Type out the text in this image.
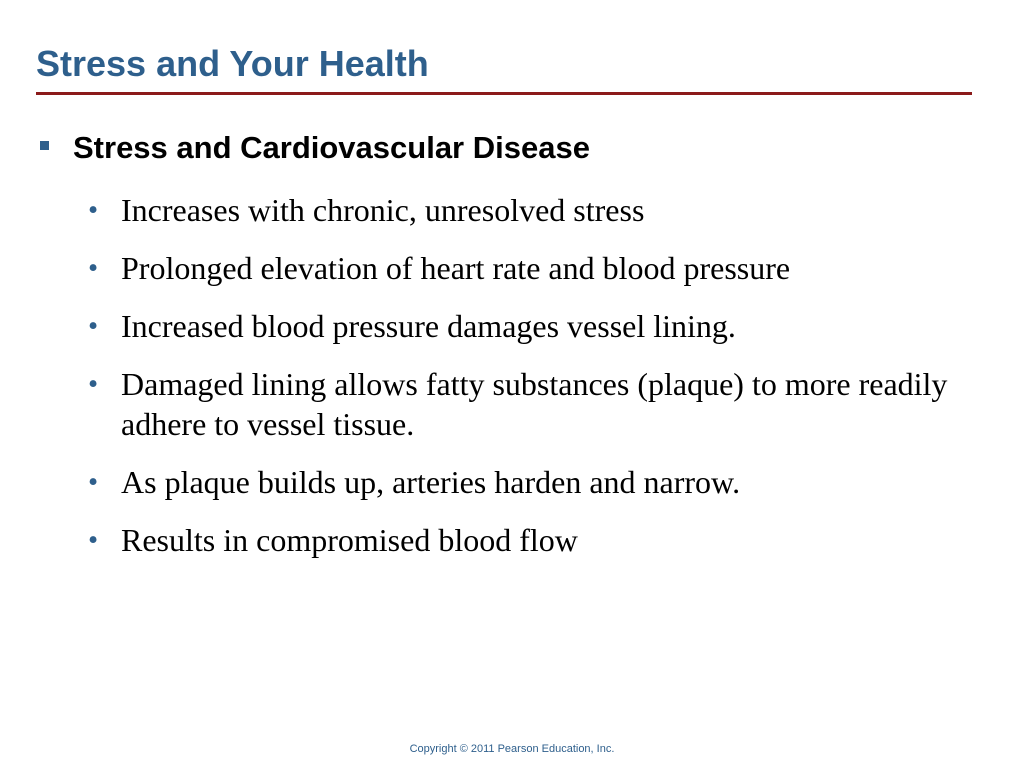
Stress and Your Health
Stress and Cardiovascular Disease
• Increases with chronic, unresolved stress
• Prolonged elevation of heart rate and blood pressure
• Increased blood pressure damages vessel lining.
• Damaged lining allows fatty substances (plaque) to more readily adhere to vessel tissue.
• As plaque builds up, arteries harden and narrow.
• Results in compromised blood flow
Copyright © 2011 Pearson Education, Inc.
